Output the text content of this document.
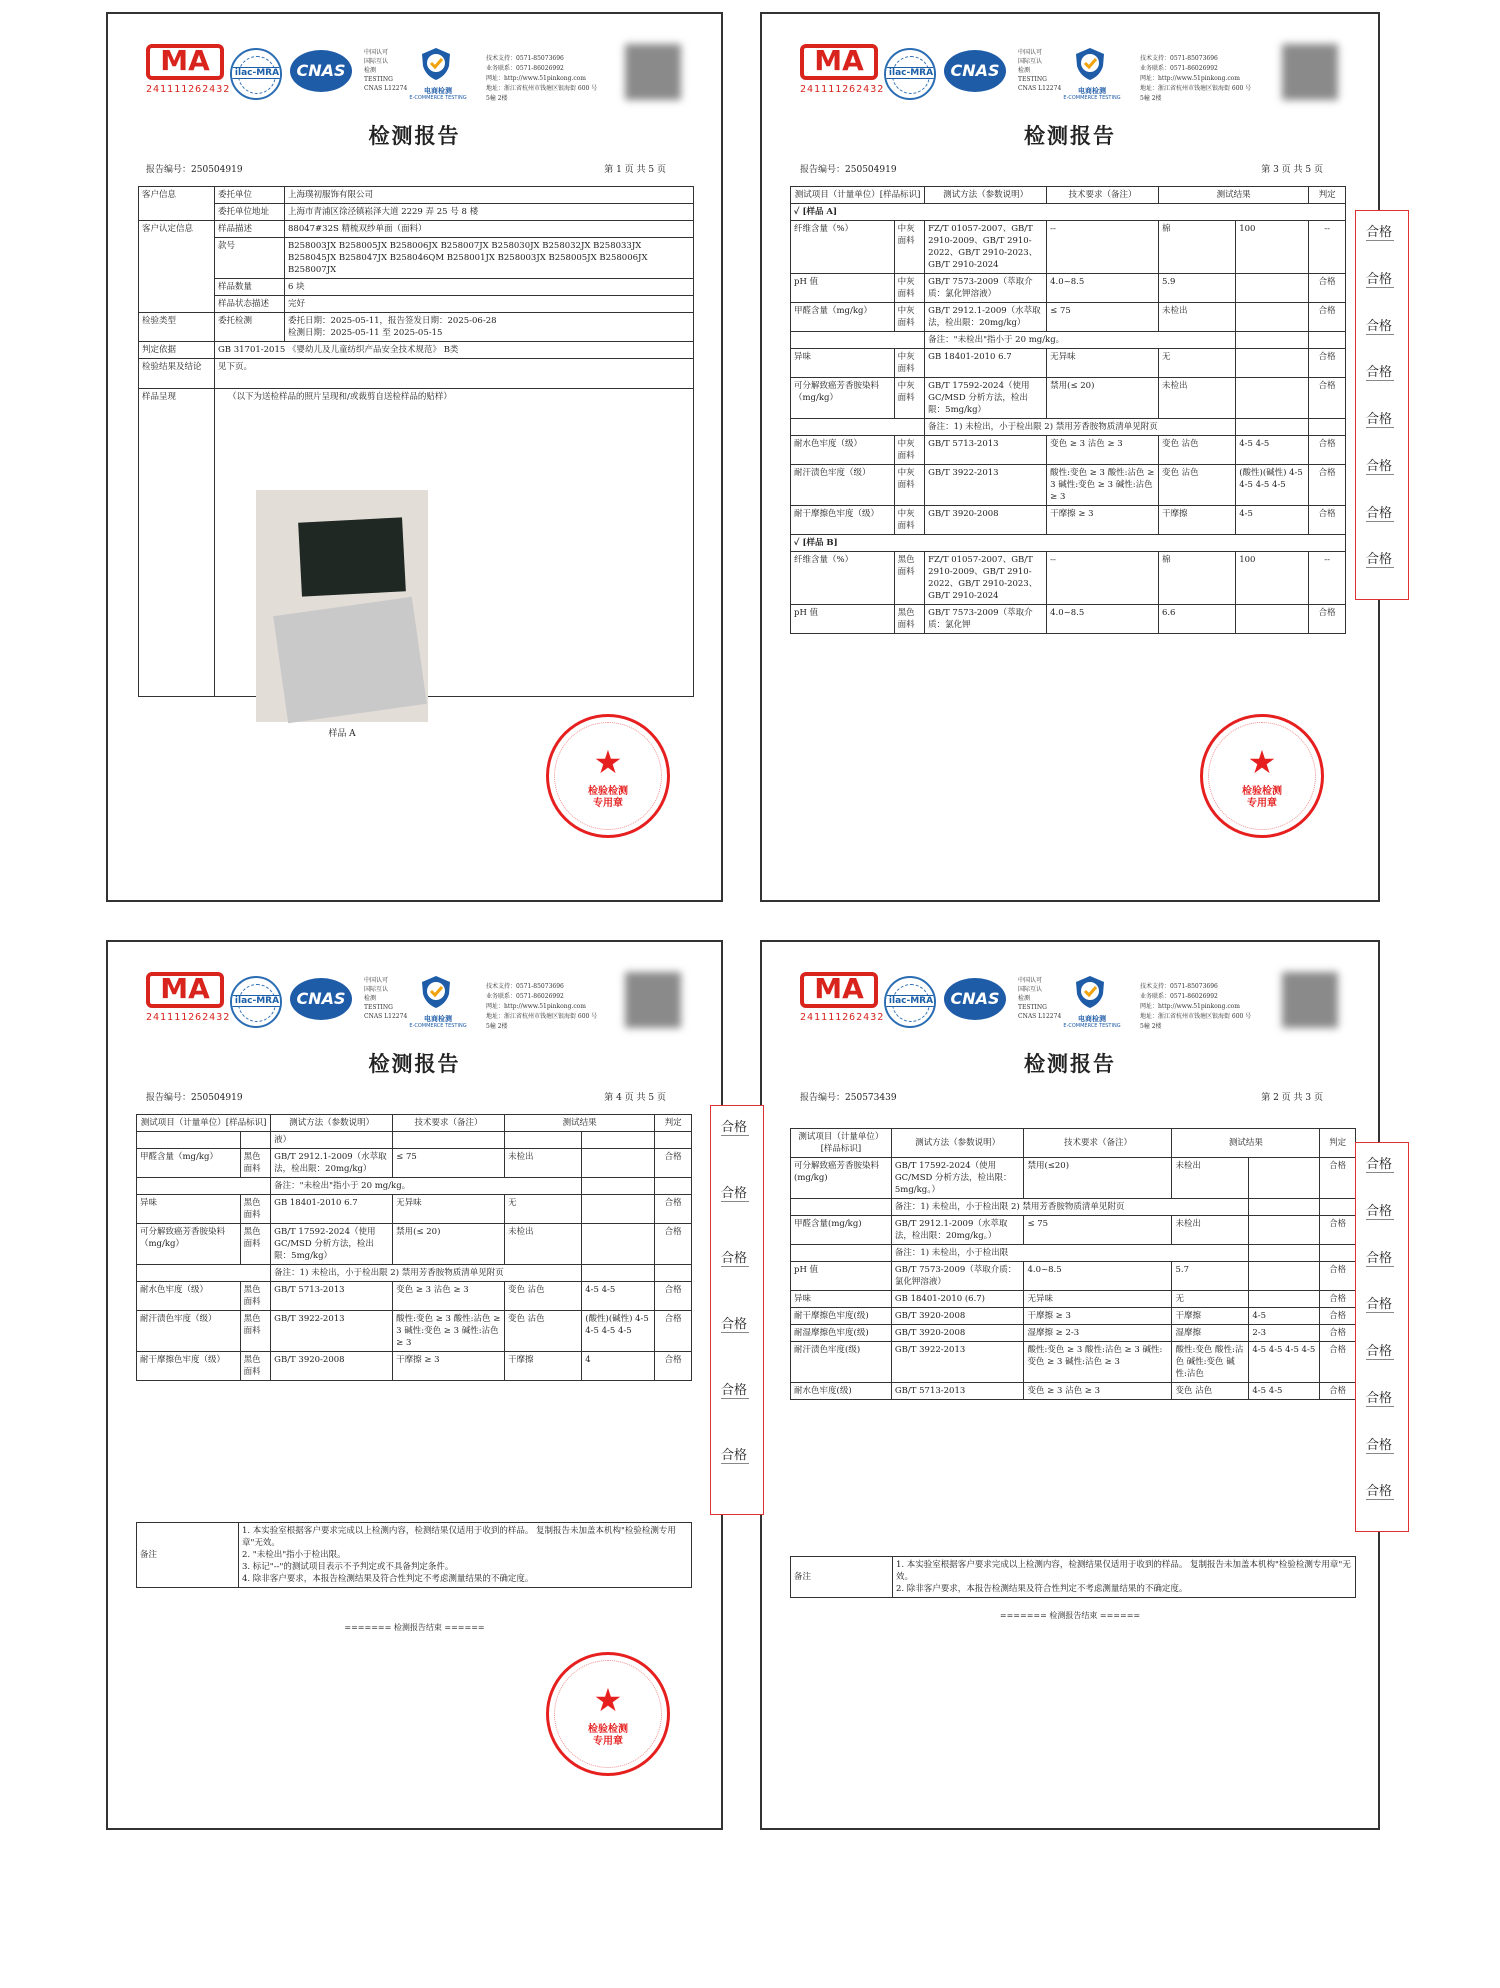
MA
241111262432
ilac-MRA	CNAS
中国认可
国际互认
检测
TESTING
CNAS L12274	电商检测
E-COMMERCE TESTING
技术支持：0571-85073696
业务联系：0571-86026992
网址：http://www.51pinkong.com
地址：浙江省杭州市钱塘区银海街 600 号
5幢 2楼
检测报告
报告编号：250504919	第 1 页 共 5 页
客户信息	委托单位	上海璞初服饰有限公司
	委托单位地址	上海市青浦区徐泾镇崧泽大道 2229 弄 25 号 8 楼
客户认定信息	样品描述	88047#32S 精梳双纱单面（面料）
	款号	B258003JX B258005JX B258006JX B258007JX B258030JX B258032JX B258033JX B258045JX B258047JX B258046QM B258001JX B258003JX B258005JX B258006JX B258007JX
	样品数量	6 块
	样品状态描述	完好
检验类型	委托检测	委托日期：2025-05-11，报告签发日期：2025-06-28
检测日期：2025-05-11 至 2025-05-15

判定依据	GB 31701-2015 《婴幼儿及儿童纺织产品安全技术规范》 B类	
检验结果及结论	见下页。	
样品呈现	（以下为送检样品的照片呈现和/或裁剪自送检样品的贴样）	
样品 A
★
检验检测
专用章
MA
241111262432
ilac-MRA	CNAS
中国认可
国际互认
检测
TESTING
CNAS L12274	电商检测
E-COMMERCE TESTING
技术支持：0571-85073696
业务联系：0571-86026992
网址：http://www.51pinkong.com
地址：浙江省杭州市钱塘区银海街 600 号
5幢 2楼
检测报告
报告编号：250504919	第 3 页 共 5 页
测试项目（计量单位）[样品标识]		测试方法（参数说明）	技术要求（备注）	测试结果		判定
✓ [样品 A]						
纤维含量（%）	中灰面料	FZ/T 01057-2007、GB/T 2910-2009、GB/T 2910-2022、GB/T 2910-2023、GB/T 2910-2024	--	棉	100	--
pH 值	中灰面料	GB/T 7573-2009（萃取介质：氯化钾溶液）	4.0~8.5	5.9		合格
甲醛含量（mg/kg）	中灰面料	GB/T 2912.1-2009（水萃取法，检出限：20mg/kg）	≤ 75	未检出		合格
		备注："未检出"指小于 20 mg/kg。				
异味	中灰面料	GB 18401-2010 6.7	无异味	无		合格
可分解致癌芳香胺染料（mg/kg）	中灰面料	GB/T 17592-2024（使用 GC/MSD 分析方法，检出限：5mg/kg）	禁用(≤ 20)	未检出		合格
		备注：1) 未检出，小于检出限 2) 禁用芳香胺物质清单见附页				
耐水色牢度（级）	中灰面料	GB/T 5713-2013	变色 ≥ 3 沾色 ≥ 3	变色 沾色	4-5 4-5	合格
耐汗渍色牢度（级）	中灰面料	GB/T 3922-2013	酸性:变色 ≥ 3 酸性:沾色 ≥ 3 碱性:变色 ≥ 3 碱性:沾色 ≥ 3	变色 沾色	(酸性)(碱性) 4-5 4-5 4-5 4-5	合格
耐干摩擦色牢度（级）	中灰面料	GB/T 3920-2008	干摩擦 ≥ 3	干摩擦	4-5	合格
✓ [样品 B]						
纤维含量（%）	黑色面料	FZ/T 01057-2007、GB/T 2910-2009、GB/T 2910-2022、GB/T 2910-2023、GB/T 2910-2024	--	棉	100	--
pH 值	黑色面料	GB/T 7573-2009（萃取介质：氯化钾	4.0~8.5	6.6		合格
★
检验检测
专用章
MA
241111262432
ilac-MRA	CNAS
中国认可
国际互认
检测
TESTING
CNAS L12274	电商检测
E-COMMERCE TESTING
技术支持：0571-85073696
业务联系：0571-86026992
网址：http://www.51pinkong.com
地址：浙江省杭州市钱塘区银海街 600 号
5幢 2楼
检测报告
报告编号：250504919	第 4 页 共 5 页
测试项目（计量单位）[样品标识]		测试方法（参数说明）	技术要求（备注）	测试结果		判定
		液）				
甲醛含量（mg/kg）	黑色面料	GB/T 2912.1-2009（水萃取法，检出限：20mg/kg）	≤ 75	未检出		合格
		备注："未检出"指小于 20 mg/kg。				
异味	黑色面料	GB 18401-2010 6.7	无异味	无		合格
可分解致癌芳香胺染料（mg/kg）	黑色面料	GB/T 17592-2024（使用 GC/MSD 分析方法，检出限：5mg/kg）	禁用(≤ 20)	未检出		合格
		备注：1) 未检出，小于检出限 2) 禁用芳香胺物质清单见附页				
耐水色牢度（级）	黑色面料	GB/T 5713-2013	变色 ≥ 3 沾色 ≥ 3	变色 沾色	4-5 4-5	合格
耐汗渍色牢度（级）	黑色面料	GB/T 3922-2013	酸性:变色 ≥ 3 酸性:沾色 ≥ 3 碱性:变色 ≥ 3 碱性:沾色 ≥ 3	变色 沾色	(酸性)(碱性) 4-5 4-5 4-5 4-5	合格
耐干摩擦色牢度（级）	黑色面料	GB/T 3920-2008	干摩擦 ≥ 3	干摩擦	4	合格
备注	
1. 本实验室根据客户要求完成以上检测内容，检测结果仅适用于收到的样品。 复制报告未加盖本机构"检验检测专用章"无效。
2. "未检出"指小于检出限。
3. 标记"--"的测试项目表示不予判定或不具备判定条件。
4. 除非客户要求，本报告检测结果及符合性判定不考虑测量结果的不确定度。
======= 检测报告结束 ======
★
检验检测
专用章
MA
241111262432
ilac-MRA	CNAS
中国认可
国际互认
检测
TESTING
CNAS L12274	电商检测
E-COMMERCE TESTING
技术支持：0571-85073696
业务联系：0571-86026992
网址：http://www.51pinkong.com
地址：浙江省杭州市钱塘区银海街 600 号
5幢 2楼
检测报告
报告编号：250573439	第 2 页 共 3 页
测试项目（计量单位）[样品标识]	测试方法（参数说明）	技术要求（备注）	测试结果		判定
可分解致癌芳香胺染料(mg/kg)	GB/T 17592-2024（使用 GC/MSD 分析方法，检出限：5mg/kg。）	禁用(≤20)	未检出		合格
	备注：1) 未检出，小于检出限 2) 禁用芳香胺物质清单见附页				
甲醛含量(mg/kg)	GB/T 2912.1-2009（水萃取法，检出限：20mg/kg。）	≤ 75	未检出		合格
	备注：1) 未检出，小于检出限				
pH 值	GB/T 7573-2009（萃取介质：氯化钾溶液）	4.0~8.5	5.7		合格
异味	GB 18401-2010 (6.7)	无异味	无		合格
耐干摩擦色牢度(级)	GB/T 3920-2008	干摩擦 ≥ 3	干摩擦	4-5	合格
耐湿摩擦色牢度(级)	GB/T 3920-2008	湿摩擦 ≥ 2-3	湿摩擦	2-3	合格
耐汗渍色牢度(级)	GB/T 3922-2013	酸性:变色 ≥ 3 酸性:沾色 ≥ 3 碱性:变色 ≥ 3 碱性:沾色 ≥ 3	酸性:变色 酸性:沾色 碱性:变色 碱性:沾色	4-5 4-5 4-5 4-5	合格
耐水色牢度(级)	GB/T 5713-2013	变色 ≥ 3 沾色 ≥ 3	变色 沾色	4-5 4-5	合格
备注	
1. 本实验室根据客户要求完成以上检测内容，检测结果仅适用于收到的样品。 复制报告未加盖本机构"检验检测专用章"无效。
2. 除非客户要求，本报告检测结果及符合性判定不考虑测量结果的不确定度。
======= 检测报告结束 ======
合格
合格
合格
合格
合格
合格
合格
合格
合格
合格
合格
合格
合格
合格
合格
合格
合格
合格
合格
合格
合格
合格
